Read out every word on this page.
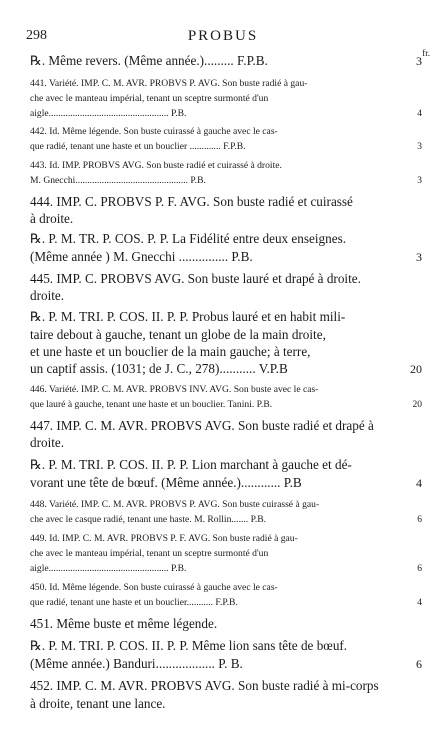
298	PROBUS
fr.
℞. Même revers. (Même année.)......... F.P.B.	3
441. Variété. IMP. C. M. AVR. PROBVS P. AVG. Son buste radié à gau-
che avec le manteau impérial, tenant un sceptre surmonté d'un
aigle.................................................. P.B.	4
442. Id. Même légende. Son buste cuirassé à gauche avec le cas-
que radié, tenant une haste et un bouclier ............. F.P.B.	3
443. Id. IMP. PROBVS AVG. Son buste radié et cuirassé à droite.
M. Gnecchi............................................... P.B.	3
444. IMP. C. PROBVS P. F. AVG. Son buste radié et cuirassé
à droite.
℞. P. M. TR. P. COS. P. P. La Fidélité entre deux enseignes.
(Même année ) M. Gnecchi ............... P.B.	3
445. IMP. C. PROBVS AVG. Son buste lauré et drapé à droite.
droite.
℞. P. M. TRI. P. COS. II. P. P. Probus lauré et en habit mili-
taire debout à gauche, tenant un globe de la main droite,
et une haste et un bouclier de la main gauche; à terre,
un captif assis. (1031; de J. C., 278)........... V.P.B	20
446. Variété. IMP. C. M. AVR. PROBVS INV. AVG. Son buste avec le cas-
que lauré à gauche, tenant une haste et un bouclier. Tanini. P.B.	20
447. IMP. C. M. AVR. PROBVS AVG. Son buste radié et drapé à
droite.
℞. P. M. TRI. P. COS. II. P. P. Lion marchant à gauche et dé-
vorant une tête de bœuf. (Même année.)............ P.B	4
448. Variété. IMP. C. M. AVR. PROBVS P. AVG. Son buste cuirassé à gau-
che avec le casque radié, tenant une haste. M. Rollin....... P.B.	6
449. Id. IMP. C. M. AVR. PROBVS P. F. AVG. Son buste radié à gau-
che avec le manteau impérial, tenant un sceptre surmonté d'un
aigle.................................................. P.B.	6
450. Id. Même légende. Son buste cuirassé à gauche avec le cas-
que radié, tenant une haste et un bouclier........... F.P.B.	4
451. Même buste et même légende.
℞. P. M. TRI. P. COS. II. P. P. Même lion sans tête de bœuf.
(Même année.) Banduri.................. P. B.	6
452. IMP. C. M. AVR. PROBVS AVG. Son buste radié à mi-corps
à droite, tenant une lance.
